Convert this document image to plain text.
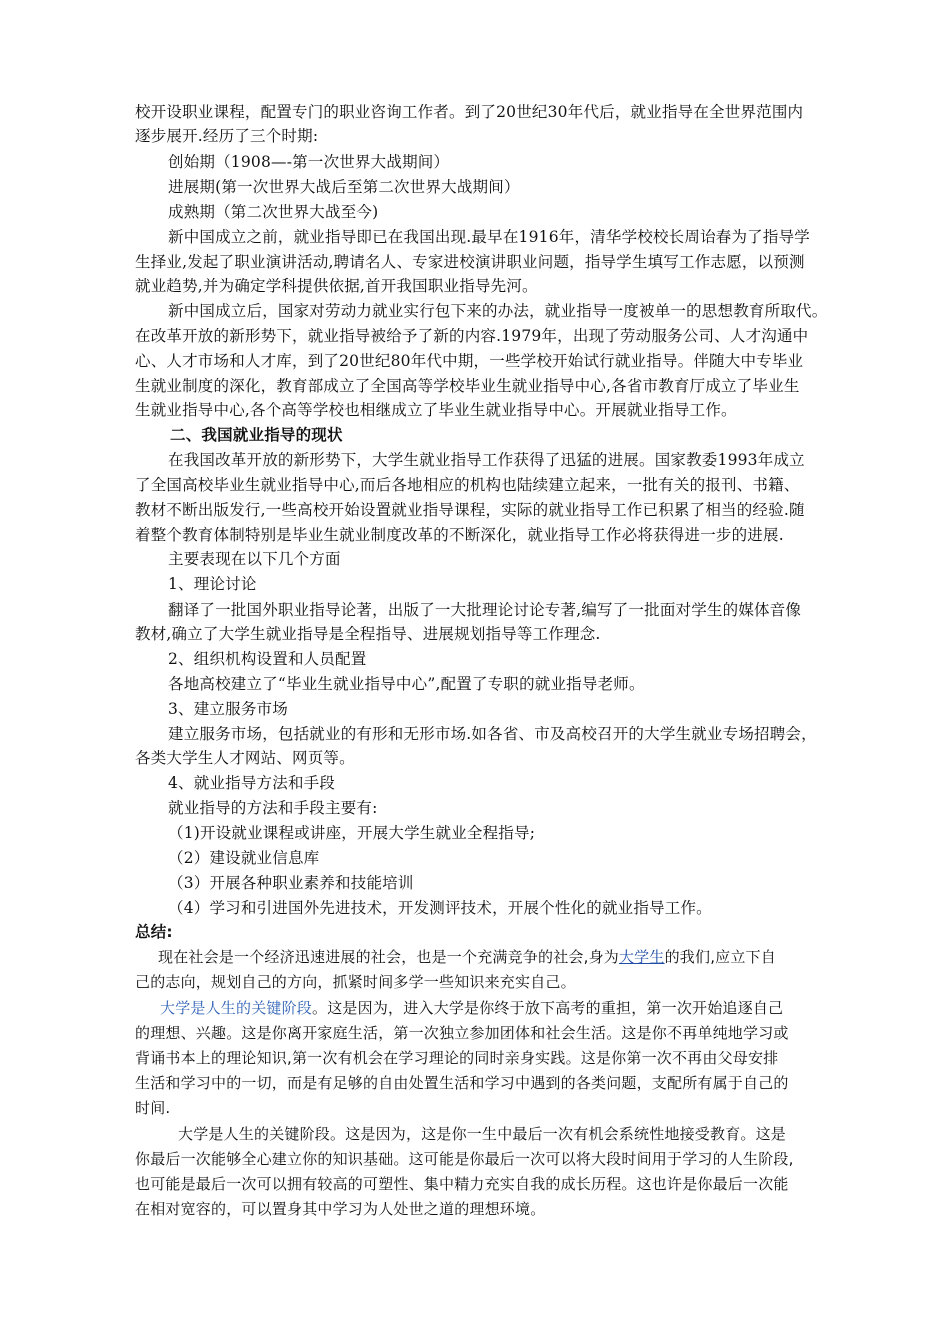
校开设职业课程，配置专门的职业咨询工作者。到了20世纪30年代后，就业指导在全世界范围内
逐步展开.经历了三个时期:
创始期（1908—-第一次世界大战期间）
进展期(第一次世界大战后至第二次世界大战期间）
成熟期（第二次世界大战至今)
新中国成立之前，就业指导即已在我国出现.最早在1916年，清华学校校长周诒春为了指导学
生择业,发起了职业演讲活动,聘请名人、专家进校演讲职业问题，指导学生填写工作志愿，以预测
就业趋势,并为确定学科提供依据,首开我国职业指导先河。
新中国成立后，国家对劳动力就业实行包下来的办法，就业指导一度被单一的思想教育所取代。
在改革开放的新形势下，就业指导被给予了新的内容.1979年，出现了劳动服务公司、人才沟通中
心、人才市场和人才库，到了20世纪80年代中期，一些学校开始试行就业指导。伴随大中专毕业
生就业制度的深化，教育部成立了全国高等学校毕业生就业指导中心,各省市教育厅成立了毕业生
生就业指导中心,各个高等学校也相继成立了毕业生就业指导中心。开展就业指导工作。
二、我国就业指导的现状
在我国改革开放的新形势下，大学生就业指导工作获得了迅猛的进展。国家教委1993年成立
了全国高校毕业生就业指导中心,而后各地相应的机构也陆续建立起来，一批有关的报刊、书籍、
教材不断出版发行,一些高校开始设置就业指导课程，实际的就业指导工作已积累了相当的经验.随
着整个教育体制特别是毕业生就业制度改革的不断深化，就业指导工作必将获得进一步的进展.
主要表现在以下几个方面
1、理论讨论
翻译了一批国外职业指导论著，出版了一大批理论讨论专著,编写了一批面对学生的媒体音像
教材,确立了大学生就业指导是全程指导、进展规划指导等工作理念.
2、组织机构设置和人员配置
各地高校建立了“毕业生就业指导中心”,配置了专职的就业指导老师。
3、建立服务市场
建立服务市场，包括就业的有形和无形市场.如各省、市及高校召开的大学生就业专场招聘会，
各类大学生人才网站、网页等。
4、就业指导方法和手段
就业指导的方法和手段主要有:
（1)开设就业课程或讲座，开展大学生就业全程指导;
（2）建设就业信息库
（3）开展各种职业素养和技能培训
（4）学习和引进国外先进技术，开发测评技术，开展个性化的就业指导工作。
总结:
现在社会是一个经济迅速进展的社会，也是一个充满竞争的社会,身为大学生的我们,应立下自
己的志向，规划自己的方向，抓紧时间多学一些知识来充实自己。
大学是人生的关键阶段。这是因为，进入大学是你终于放下高考的重担，第一次开始追逐自己
的理想、兴趣。这是你离开家庭生活，第一次独立参加团体和社会生活。这是你不再单纯地学习或
背诵书本上的理论知识,第一次有机会在学习理论的同时亲身实践。这是你第一次不再由父母安排
生活和学习中的一切，而是有足够的自由处置生活和学习中遇到的各类问题，支配所有属于自己的
时间.
大学是人生的关键阶段。这是因为，这是你一生中最后一次有机会系统性地接受教育。这是
你最后一次能够全心建立你的知识基础。这可能是你最后一次可以将大段时间用于学习的人生阶段,
也可能是最后一次可以拥有较高的可塑性、集中精力充实自我的成长历程。这也许是你最后一次能
在相对宽容的，可以置身其中学习为人处世之道的理想环境。
